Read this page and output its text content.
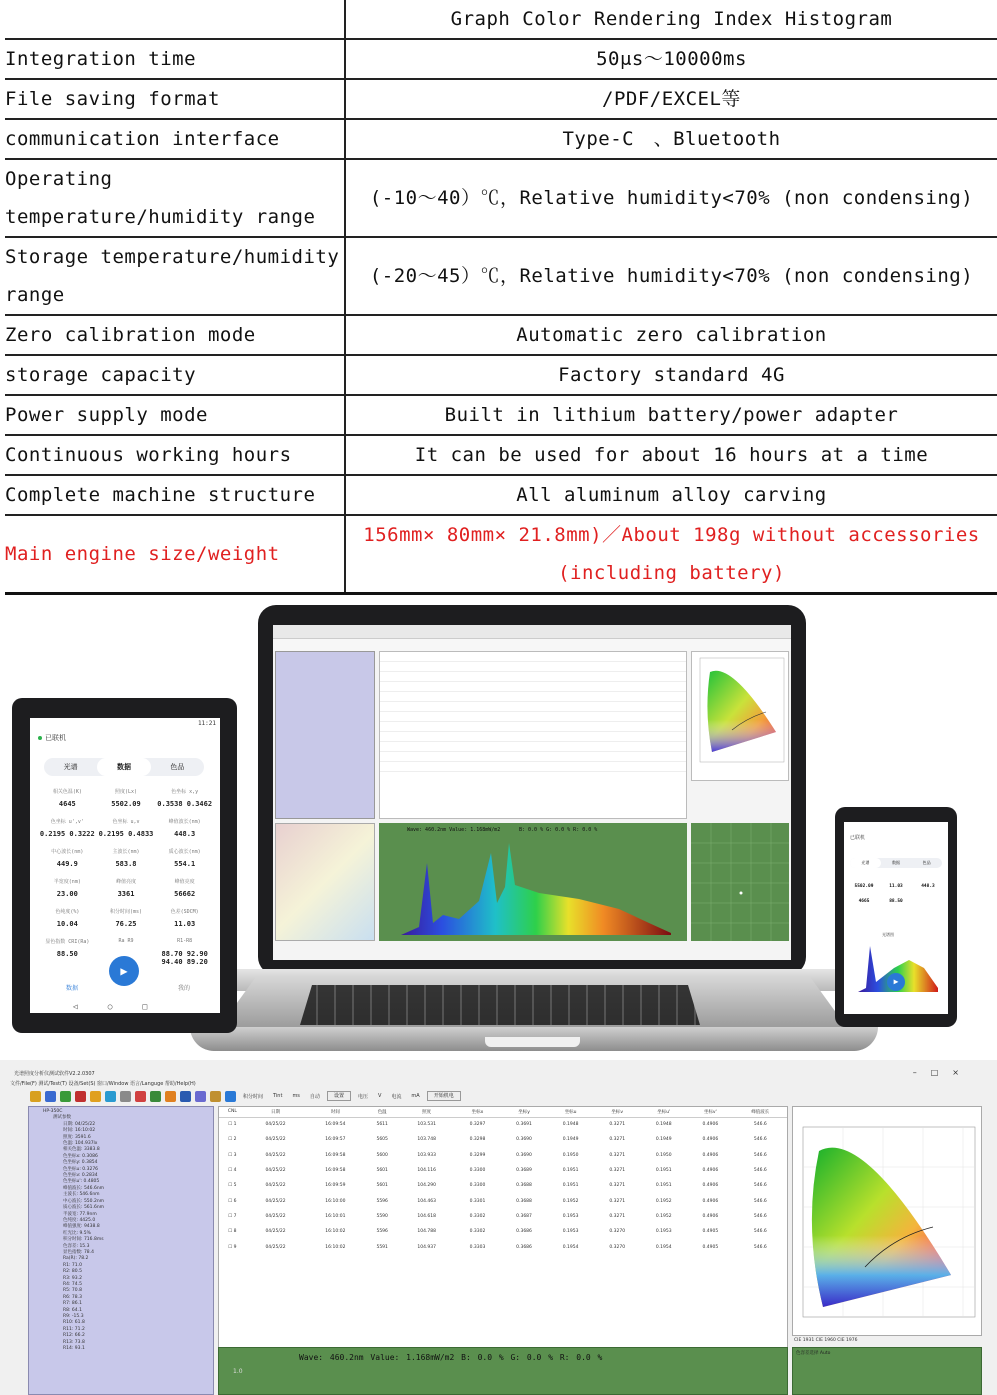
	Graph Color Rendering Index Histogram
Integration time	50μs～10000ms
File saving format	/PDF/EXCEL等
communication interface	Type-C　、Bluetooth
Operating temperature/humidity range	(-10～40）℃，Relative humidity<70% (non condensing)
Storage temperature/humidity range	(-20～45）℃，Relative humidity<70% (non condensing)
Zero calibration mode	Automatic zero calibration
storage capacity	Factory standard 4G
Power supply mode	Built in lithium battery/power adapter
Continuous working hours	It can be used for about 16 hours at a time
Complete machine structure	All aluminum alloy carving
Main engine size/weight	156mm× 80mm× 21.8mm)／About 198g without accessories (including battery)
Wave: 460.2nm Value: 1.168mW/m2	B: 0.0 % G: 0.0 % R: 0.0 %
11:21
已联机
光谱	数据	色品
相关色温(K)
4645
照度(Lx)
5502.09
色坐标 x,y
0.3538 0.3462
色坐标 u',v'
0.2195 0.3222
色坐标 u,v
0.2195 0.4833
峰值波长(nm)
448.3
中心波长(nm)
449.9
主波长(nm)
583.8
质心波长(nm)
554.1
半宽度(nm)
23.00
峰值亮度
3361
峰值亮度
56662
色纯度(%)
10.04
积分时间(ms)
76.25
色差(SDCM)
11.03
显色指数 CRI(Ra)
88.50
Ra R9	R1-R8
88.70 92.90 94.40 89.20
▶
数据	我的
◁○□
已联机
光谱	数据	色品
5502.09	11.03	448.3
4665	88.50
光谱图
▶
光谱照度分析仪测试软件V2.2.0307	–□×
文件/File(F) 测试/Test(T) 设备/Set(S) 窗口/Window 语言/Languge 帮助/Help(H)
积分时间 Tint ms 自动	设置	电压 V 电流 mA	开始机电
HP-350C
测试参数
日期: 04/25/22
时间: 16:10:02
照度: 3591.6
色温: 104.937lx
相关色温: 3383.8
色坐标x: 0.3086
色坐标y: 0.3854
色坐标u: 0.3276
色坐标v: 0.2834
色坐标u': 0.4805
峰值波长: 546.6nm
主波长: 546.6nm
中心波长: 550.2nm
质心波长: 561.6nm
半波宽: 77.9nm
色纯度: 4425.0
峰值强度: 9438.8
红光比: 9.5%
积分时间: 716.8ms
色容差: 15.3
显色指数: 78.4
Ra(R): 78.2
R1: 71.0
R2: 80.5
R3: 93.2
R4: 74.5
R5: 70.8
R6: 78.3
R7: 86.1
R8: 64.1
R9: -15.3
R10: 61.8
R11: 71.2
R12: 66.2
R13: 73.8
R14: 93.1
CNL	日期	时间	色温	照度	坐标x	坐标y	坐标u	坐标v	坐标u'	坐标v'	峰值波长
☐ 1	04/25/22	16:09:54	5611	103.531	0.3297	0.3691	0.1948	0.3271	0.1948	0.4906	546.6
☐ 2	04/25/22	16:09:57	5605	103.748	0.3298	0.3690	0.1949	0.3271	0.1949	0.4906	546.6
☐ 3	04/25/22	16:09:58	5600	103.933	0.3299	0.3690	0.1950	0.3271	0.1950	0.4906	546.6
☐ 4	04/25/22	16:09:58	5601	104.116	0.3300	0.3689	0.1951	0.3271	0.1951	0.4906	546.6
☐ 5	04/25/22	16:09:59	5601	104.290	0.3300	0.3688	0.1951	0.3271	0.1951	0.4906	546.6
☐ 6	04/25/22	16:10:00	5596	104.463	0.3301	0.3688	0.1952	0.3271	0.1952	0.4906	546.6
☐ 7	04/25/22	16:10:01	5590	104.618	0.3302	0.3687	0.1953	0.3271	0.1952	0.4906	546.6
☐ 8	04/25/22	16:10:02	5596	104.788	0.3302	0.3686	0.1953	0.3270	0.1953	0.4905	546.6
☐ 9	04/25/22	16:10:02	5591	104.937	0.3303	0.3686	0.1954	0.3270	0.1954	0.4905	546.6
CIE 1931 CIE 1960 CIE 1976
Wave: 460.2nm Value: 1.168mW/m2 B: 0.0 % G: 0.0 % R: 0.0 %
1.0
色容差选择 Auto
